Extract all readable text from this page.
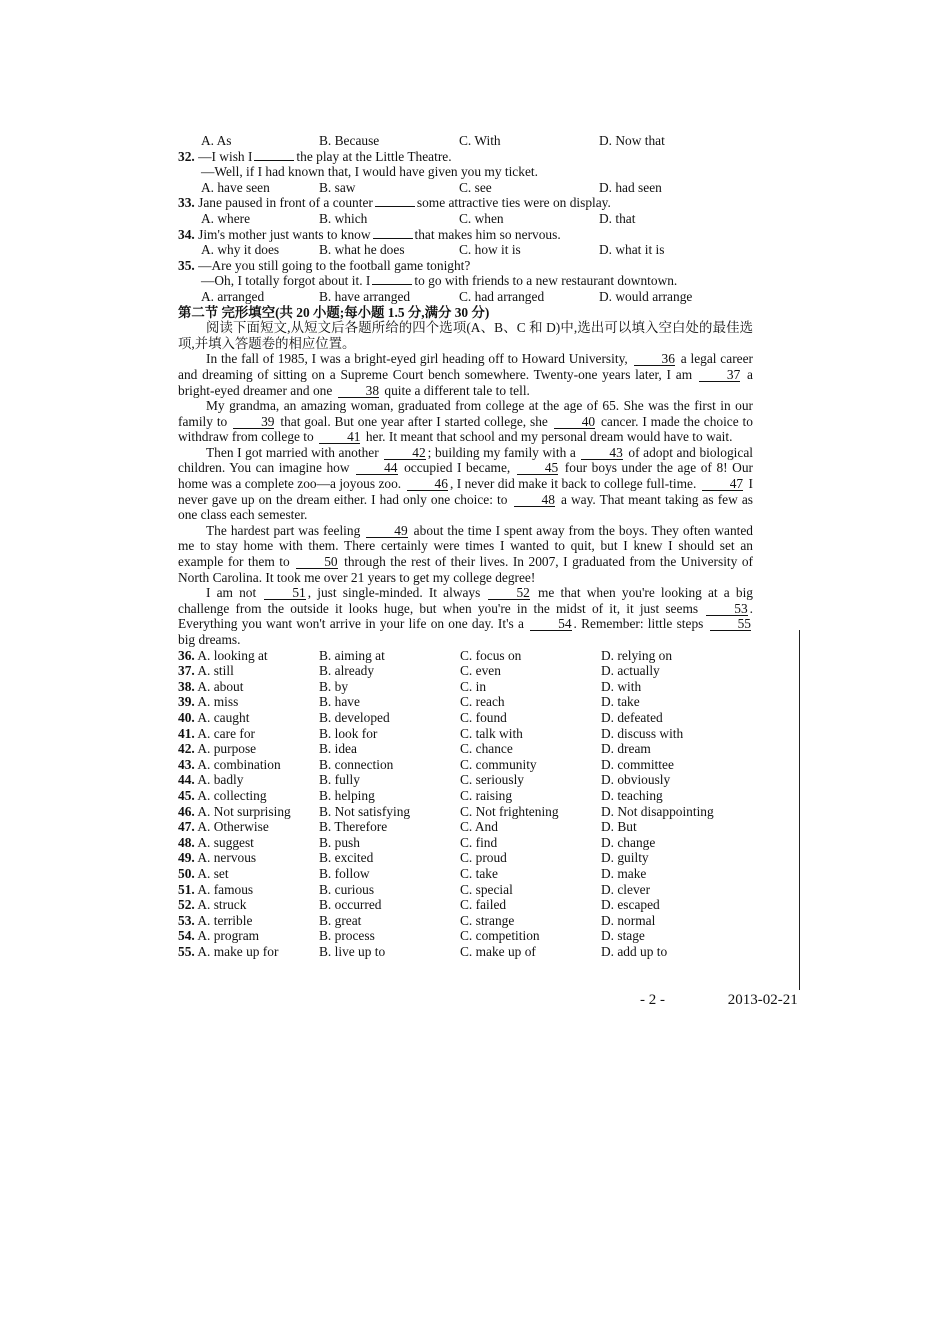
A. As	B. Because	C. With	D. Now that
32. —I wish I	the play at the Little Theatre.
—Well, if I had known that, I would have given you my ticket.
A. have seen	B. saw	C. see	D. had seen
33. Jane paused in front of a counter	some attractive ties were on display.
A. where	B. which	C. when	D. that
34. Jim's mother just wants to know	that makes him so nervous.
A. why it does	B. what he does	C. how it is	D. what it is
35. —Are you still going to the football game tonight?
—Oh, I totally forgot about it. I	to go with friends to a new restaurant downtown.
A. arranged	B. have arranged	C. had arranged	D. would arrange
第二节 完形填空(共 20 小题;每小题 1.5 分,满分 30 分)

阅读下面短文,从短文后各题所给的四个选项(A、B、C 和 D)中,选出可以填入空白处的最佳选项,并填入答题卷的相应位置。

In the fall of 1985, I was a bright-eyed girl heading off to Howard University, 36 a legal career and dreaming of sitting on a Supreme Court bench somewhere. Twenty-one years later, I am 37 a bright-eyed dreamer and one 38 quite a different tale to tell.

My grandma, an amazing woman, graduated from college at the age of 65. She was the first in our family to 39 that goal. But one year after I started college, she 40 cancer. I made the choice to withdraw from college to 41 her. It meant that school and my personal dream would have to wait.

Then I got married with another 42 ; building my family with a 43 of adopt and biological children. You can imagine how 44 occupied I became, 45 four boys under the age of 8! Our home was a complete zoo—a joyous zoo. 46 , I never did make it back to college full-time. 47 I never gave up on the dream either. I had only one choice: to 48 a way. That meant taking as few as one class each semester.

The hardest part was feeling 49 about the time I spent away from the boys. They often wanted me to stay home with them. There certainly were times I wanted to quit, but I knew I should set an example for them to 50 through the rest of their lives. In 2007, I graduated from the University of North Carolina. It took me over 21 years to get my college degree!

I am not 51 , just single-minded. It always 52 me that when you're looking at a big challenge from the outside it looks huge, but when you're in the midst of it, it just seems 53 . Everything you want won't arrive in your life on one day. It's a 54 . Remember: little steps 55 big dreams.

36. A. looking at	B. aiming at	C. focus on	D. relying on
37. A. still	B. already	C. even	D. actually
38. A. about	B. by	C. in	D. with
39. A. miss	B. have	C. reach	D. take
40. A. caught	B. developed	C. found	D. defeated
41. A. care for	B. look for	C. talk with	D. discuss with
42. A. purpose	B. idea	C. chance	D. dream
43. A. combination	B. connection	C. community	D. committee
44. A. badly	B. fully	C. seriously	D. obviously
45. A. collecting	B. helping	C. raising	D. teaching
46. A. Not surprising	B. Not satisfying	C. Not frightening	D. Not disappointing
47. A. Otherwise	B. Therefore	C. And	D. But
48. A. suggest	B. push	C. find	D. change
49. A. nervous	B. excited	C. proud	D. guilty
50. A. set	B. follow	C. take	D. make
51. A. famous	B. curious	C. special	D. clever
52. A. struck	B. occurred	C. failed	D. escaped
53. A. terrible	B. great	C. strange	D. normal
54. A. program	B. process	C. competition	D. stage
55. A. make up for	B. live up to	C. make up of	D. add up to
- 2 -	2013-02-21
